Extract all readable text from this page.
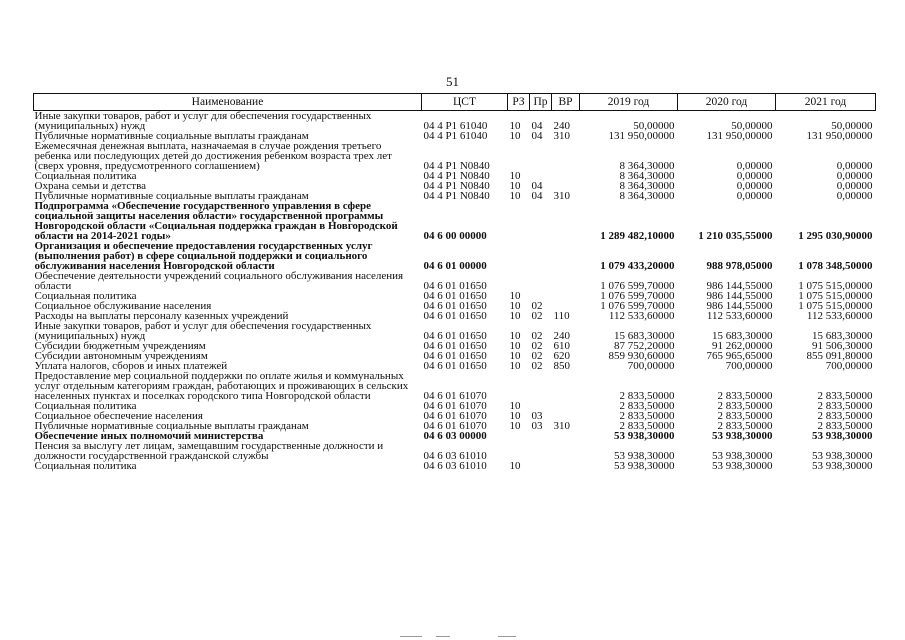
51
Наименование	ЦСТ	РЗ	Пр	ВР	2019 год	2020 год	2021 год
Иные закупки товаров, работ и услуг для обеспечения государственных (муниципальных) нужд	04 4 P1 61040	10	04	240	50,00000	50,00000	50,00000
Публичные нормативные социальные выплаты гражданам	04 4 P1 61040	10	04	310	131 950,00000	131 950,00000	131 950,00000
Ежемесячная денежная выплата, назначаемая в случае рождения третьего ребенка или последующих детей до достижения ребенком возраста трех лет (сверх уровня, предусмотренного соглашением)	04 4 P1 N0840				8 364,30000	0,00000	0,00000
Социальная политика	04 4 P1 N0840	10			8 364,30000	0,00000	0,00000
Охрана семьи и детства	04 4 P1 N0840	10	04		8 364,30000	0,00000	0,00000
Публичные нормативные социальные выплаты гражданам	04 4 P1 N0840	10	04	310	8 364,30000	0,00000	0,00000
Подпрограмма «Обеспечение государственного управления в сфере социальной защиты населения области» государственной программы Новгородской области «Социальная поддержка граждан в Новгородской области на 2014-2021 годы»	04 6 00 00000				1 289 482,10000	1 210 035,55000	1 295 030,90000
Организация и обеспечение предоставления государственных услуг (выполнения работ) в сфере социальной поддержки и социального обслуживания населения Новгородской области	04 6 01 00000				1 079 433,20000	988 978,05000	1 078 348,50000
Обеспечение деятельности учреждений социального обслуживания населения области	04 6 01 01650				1 076 599,70000	986 144,55000	1 075 515,00000
Социальная политика	04 6 01 01650	10			1 076 599,70000	986 144,55000	1 075 515,00000
Социальное обслуживание населения	04 6 01 01650	10	02		1 076 599,70000	986 144,55000	1 075 515,00000
Расходы на выплаты персоналу казенных учреждений	04 6 01 01650	10	02	110	112 533,60000	112 533,60000	112 533,60000
Иные закупки товаров, работ и услуг для обеспечения государственных (муниципальных) нужд	04 6 01 01650	10	02	240	15 683,30000	15 683,30000	15 683,30000
Субсидии бюджетным учреждениям	04 6 01 01650	10	02	610	87 752,20000	91 262,00000	91 506,30000
Субсидии автономным учреждениям	04 6 01 01650	10	02	620	859 930,60000	765 965,65000	855 091,80000
Уплата налогов, сборов и иных платежей	04 6 01 01650	10	02	850	700,00000	700,00000	700,00000
Предоставление мер социальной поддержки по оплате жилья и коммунальных услуг отдельным категориям граждан, работающих и проживающих в сельских населенных пунктах и поселках городского типа Новгородской области	04 6 01 61070				2 833,50000	2 833,50000	2 833,50000
Социальная политика	04 6 01 61070	10			2 833,50000	2 833,50000	2 833,50000
Социальное обеспечение населения	04 6 01 61070	10	03		2 833,50000	2 833,50000	2 833,50000
Публичные нормативные социальные выплаты гражданам	04 6 01 61070	10	03	310	2 833,50000	2 833,50000	2 833,50000
Обеспечение иных полномочий министерства	04 6 03 00000				53 938,30000	53 938,30000	53 938,30000
Пенсия за выслугу лет лицам, замещавшим государственные должности и должности государственной гражданской службы	04 6 03 61010				53 938,30000	53 938,30000	53 938,30000
Социальная политика	04 6 03 61010	10			53 938,30000	53 938,30000	53 938,30000
